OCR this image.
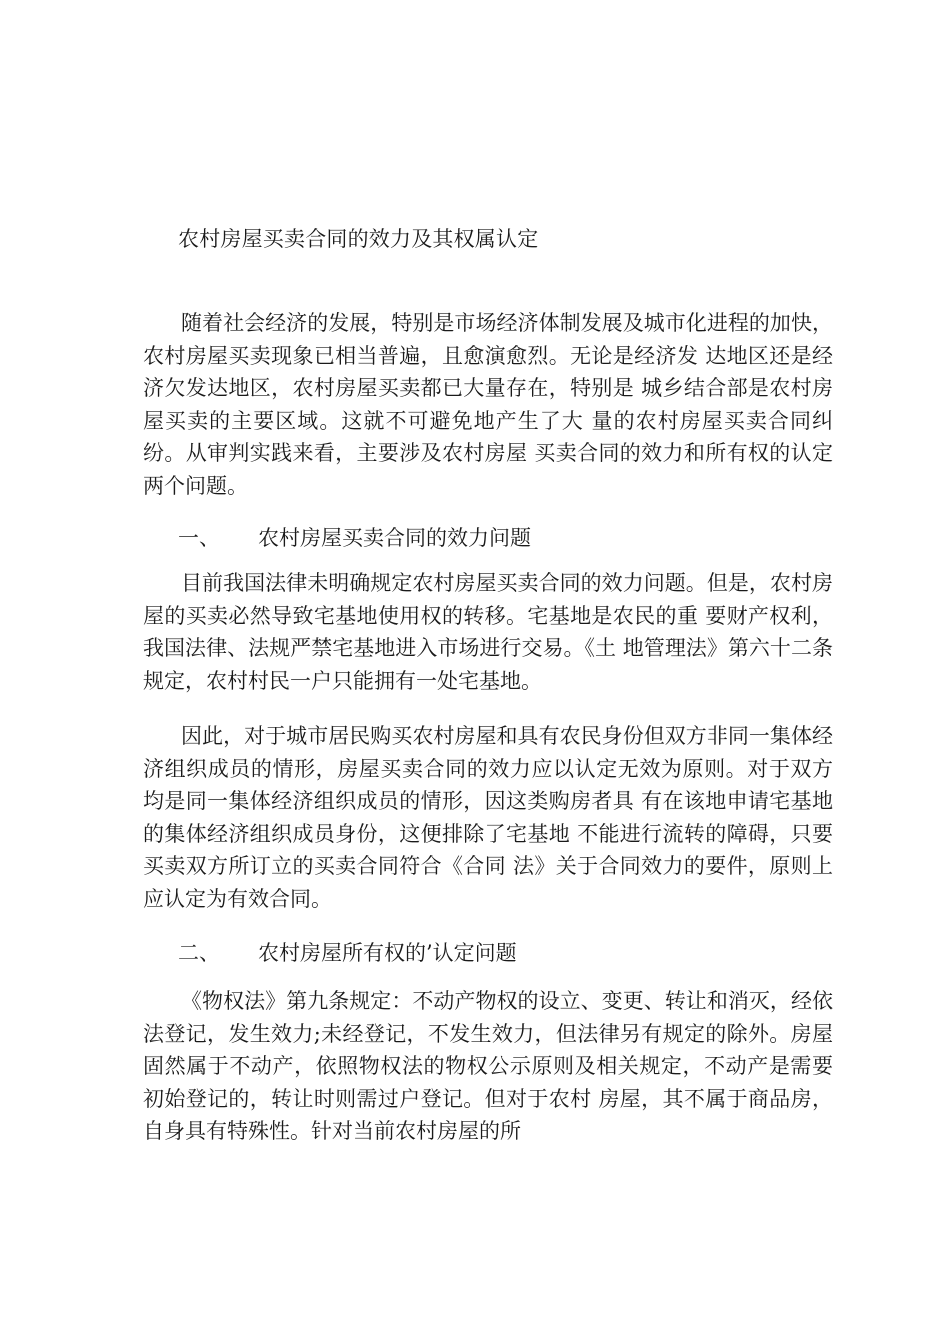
农村房屋买卖合同的效力及其权属认定

随着社会经济的发展，特别是市场经济体制发展及城市化进程的加快，农村房屋买卖现象已相当普遍，且愈演愈烈。无论是经济发 达地区还是经济欠发达地区，农村房屋买卖都已大量存在，特别是 城乡结合部是农村房屋买卖的主要区域。这就不可避免地产生了大 量的农村房屋买卖合同纠纷。从审判实践来看，主要涉及农村房屋 买卖合同的效力和所有权的认定两个问题。

一、 农村房屋买卖合同的效力问题

目前我国法律未明确规定农村房屋买卖合同的效力问题。但是，农村房屋的买卖必然导致宅基地使用权的转移。宅基地是农民的重 要财产权利，我国法律、法规严禁宅基地进入市场进行交易。《土 地管理法》第六十二条规定，农村村民一户只能拥有一处宅基地。

因此，对于城市居民购买农村房屋和具有农民身份但双方非同一集体经济组织成员的情形，房屋买卖合同的效力应以认定无效为原则。对于双方均是同一集体经济组织成员的情形，因这类购房者具 有在该地申请宅基地的集体经济组织成员身份，这便排除了宅基地 不能进行流转的障碍，只要买卖双方所订立的买卖合同符合《合同 法》关于合同效力的要件，原则上应认定为有效合同。

二、 农村房屋所有权的’认定问题

《物权法》第九条规定：不动产物权的设立、变更、转让和消灭，经依法登记，发生效力;未经登记，不发生效力，但法律另有规定的除外。房屋固然属于不动产，依照物权法的物权公示原则及相关规定，不动产是需要初始登记的，转让时则需过户登记。但对于农村 房屋，其不属于商品房，自身具有特殊性。针对当前农村房屋的所
